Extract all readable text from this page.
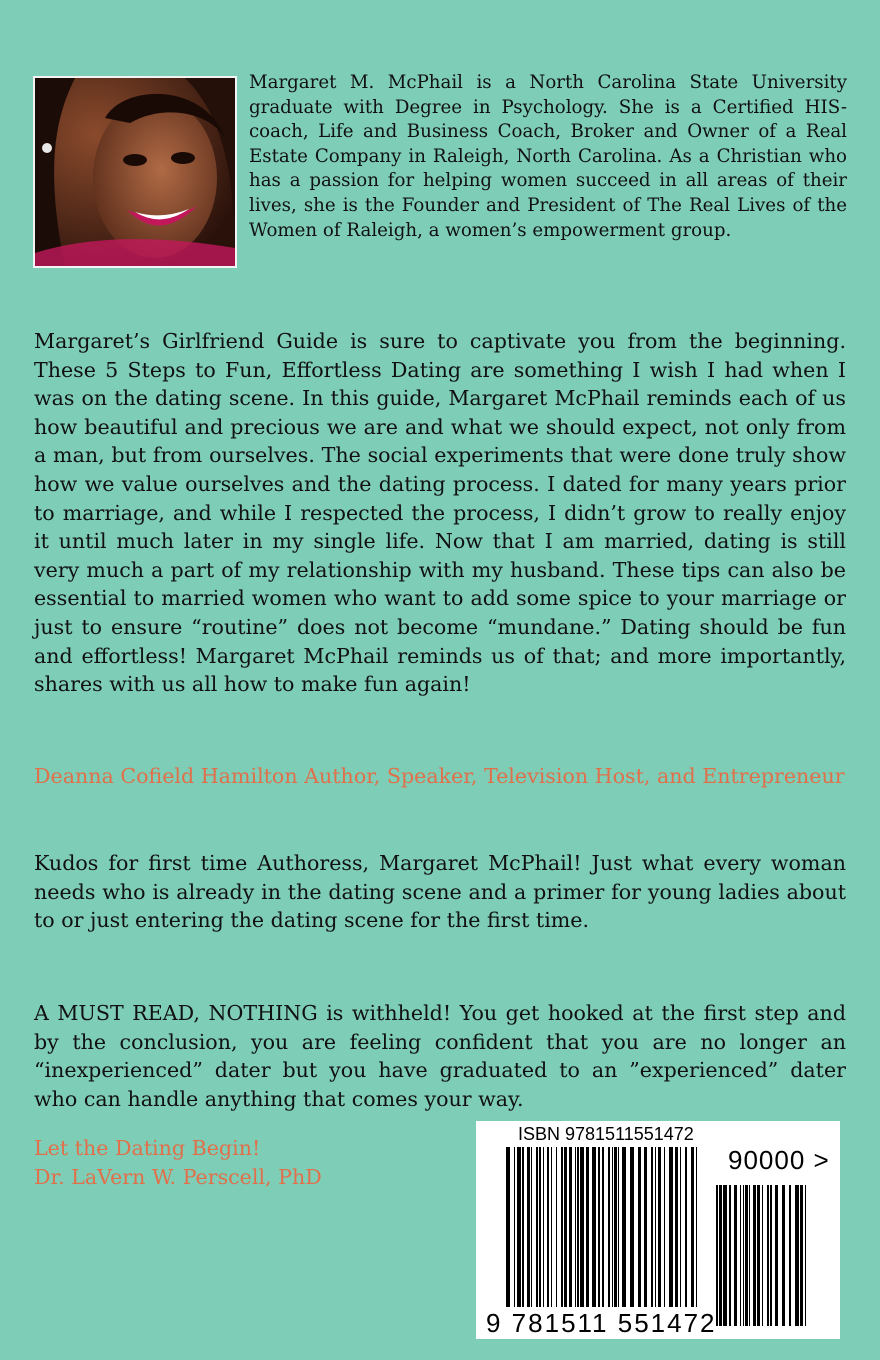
Margaret M. McPhail is a North Carolina State University graduate with Degree in Psychology. She is a Certified HIS-coach, Life and Business Coach, Broker and Owner of a Real Estate Company in Raleigh, North Carolina. As a Christian who has a passion for helping women succeed in all areas of their lives, she is the Founder and President of The Real Lives of the Women of Raleigh, a women’s empowerment group.

Margaret’s Girlfriend Guide is sure to captivate you from the beginning. These 5 Steps to Fun, Effortless Dating are something I wish I had when I was on the dating scene. In this guide, Margaret McPhail reminds each of us how beautiful and precious we are and what we should expect, not only from a man, but from ourselves. The social experiments that were done truly show how we value ourselves and the dating process. I dated for many years prior to marriage, and while I respected the process, I didn’t grow to really enjoy it until much later in my single life. Now that I am married, dating is still very much a part of my relationship with my husband. These tips can also be essential to married women who want to add some spice to your marriage or just to ensure “routine” does not become “mundane.” Dating should be fun and effortless! Margaret McPhail reminds us of that; and more importantly, shares with us all how to make fun again!

Deanna Cofield Hamilton Author, Speaker, Television Host, and Entrepreneur

Kudos for first time Authoress, Margaret McPhail! Just what every woman needs who is already in the dating scene and a primer for young ladies about to or just entering the dating scene for the first time.

A MUST READ, NOTHING is withheld! You get hooked at the first step and by the conclusion, you are feeling confident that you are no longer an “inexperienced” dater but you have graduated to an ”experienced” dater who can handle anything that comes your way.

Let the Dating Begin!
Dr. LaVern W. Perscell, PhD

ISBN 9781511551472
90000 >
9 781511 551472
